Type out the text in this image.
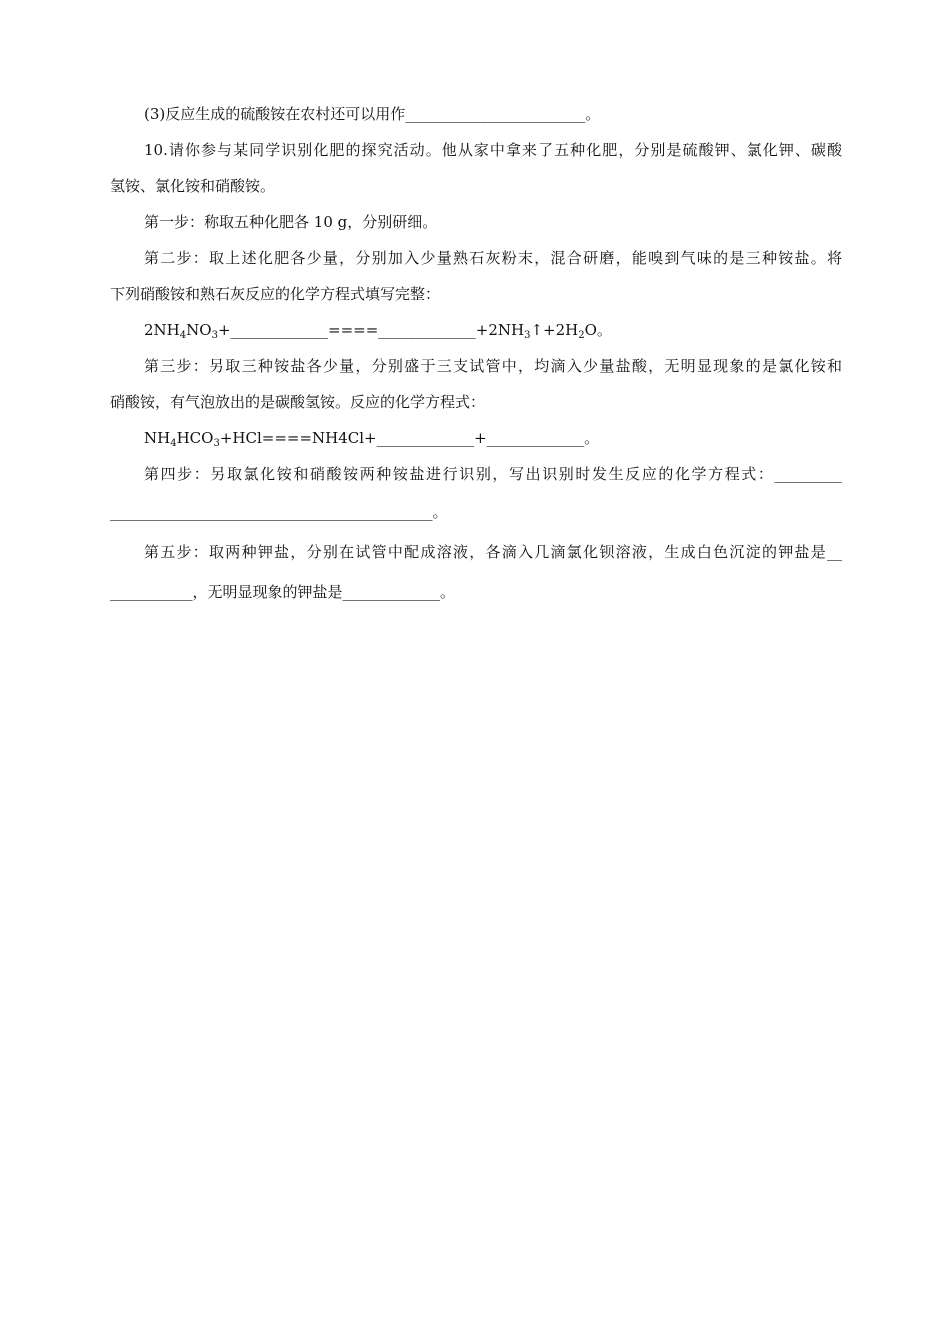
(3)反应生成的硫酸铵在农村还可以用作________________________。
10.请你参与某同学识别化肥的探究活动。他从家中拿来了五种化肥，分别是硫酸钾、氯化钾、碳酸
氢铵、氯化铵和硝酸铵。
第一步：称取五种化肥各 10 g，分别研细。
第二步：取上述化肥各少量，分别加入少量熟石灰粉末，混合研磨，能嗅到气味的是三种铵盐。将
下列硝酸铵和熟石灰反应的化学方程式填写完整：
$2NH_4NO_3+\_\_\_\_\_\_\_\_\_\_\_\_\_====\_\_\_\_\_\_\_\_\_\_\_\_\_+2NH_3↑+2H_2O$。
第三步：另取三种铵盐各少量，分别盛于三支试管中，均滴入少量盐酸，无明显现象的是氯化铵和
硝酸铵，有气泡放出的是碳酸氢铵。反应的化学方程式：
$NH_4HCO_3+HCl====NH4Cl+\_\_\_\_\_\_\_\_\_\_\_\_\_+\_\_\_\_\_\_\_\_\_\_\_\_\_$。
第四步：另取氯化铵和硝酸铵两种铵盐进行识别，写出识别时发生反应的化学方程式：_________
___________________________________________。
第五步：取两种钾盐，分别在试管中配成溶液，各滴入几滴氯化钡溶液，生成白色沉淀的钾盐是__
___________，无明显现象的钾盐是_____________。
